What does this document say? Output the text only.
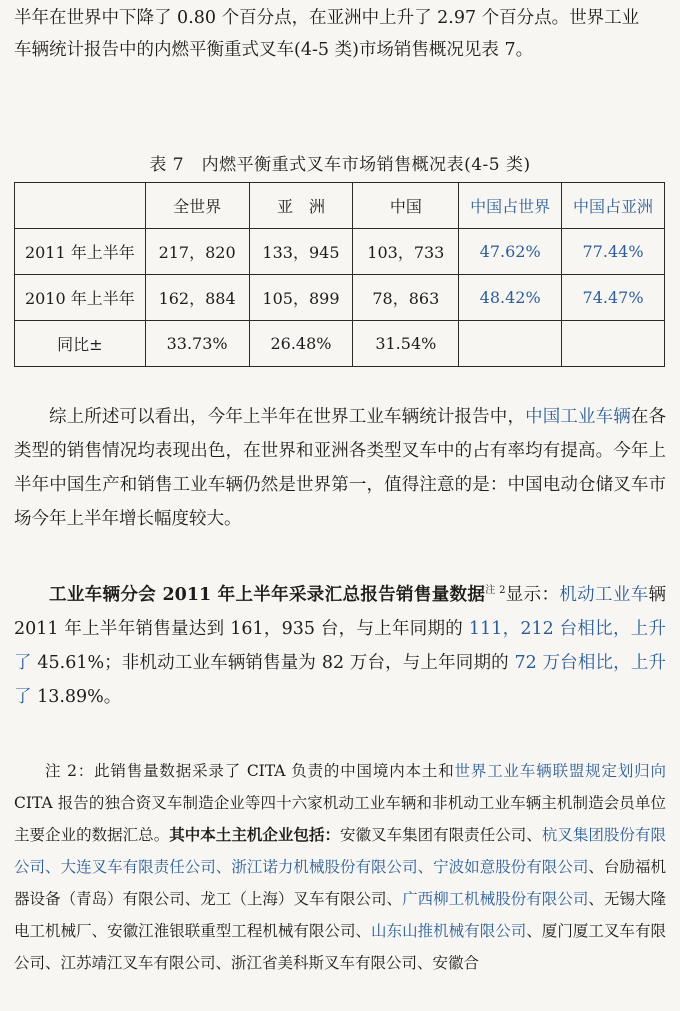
半年在世界中下降了 0.80 个百分点，在亚洲中上升了 2.97 个百分点。世界工业
车辆统计报告中的内燃平衡重式叉车(4-5 类)市场销售概况见表 7。

表 7　内燃平衡重式叉车市场销售概况表(4-5 类)
	全世界	亚　洲	中国	中国占世界	中国占亚洲
2011 年上半年	217，820	133，945	103，733	47.62%	77.44%
2010 年上半年	162，884	105，899	78，863	48.42%	74.47%
同比±	33.73%	26.48%	31.54%		

综上所述可以看出，今年上半年在世界工业车辆统计报告中，中国工业车辆在各类型的销售情况均表现出色，在世界和亚洲各类型叉车中的占有率均有提高。今年上半年中国生产和销售工业车辆仍然是世界第一，值得注意的是：中国电动仓储叉车市场今年上半年增长幅度较大。

工业车辆分会 2011 年上半年采录汇总报告销售量数据$^{注 2}$显示：机动工业车辆 2011 年上半年销售量达到 161，935 台，与上年同期的 111，212 台相比，上升了 45.61%；非机动工业车辆销售量为 82 万台，与上年同期的 72 万台相比，上升了 13.89%。

注 2：此销售量数据采录了 CITA 负责的中国境内本土和世界工业车辆联盟规定划归向 CITA 报告的独合资叉车制造企业等四十六家机动工业车辆和非机动工业车辆主机制造会员单位主要企业的数据汇总。其中本土主机企业包括：安徽叉车集团有限责任公司、杭叉集团股份有限公司、大连叉车有限责任公司、浙江诺力机械股份有限公司、宁波如意股份有限公司、台励福机器设备（青岛）有限公司、龙工（上海）叉车有限公司、广西柳工机械股份有限公司、无锡大隆电工机械厂、安徽江淮银联重型工程机械有限公司、山东山推机械有限公司、厦门厦工叉车有限公司、江苏靖江叉车有限公司、浙江省美科斯叉车有限公司、安徽合
